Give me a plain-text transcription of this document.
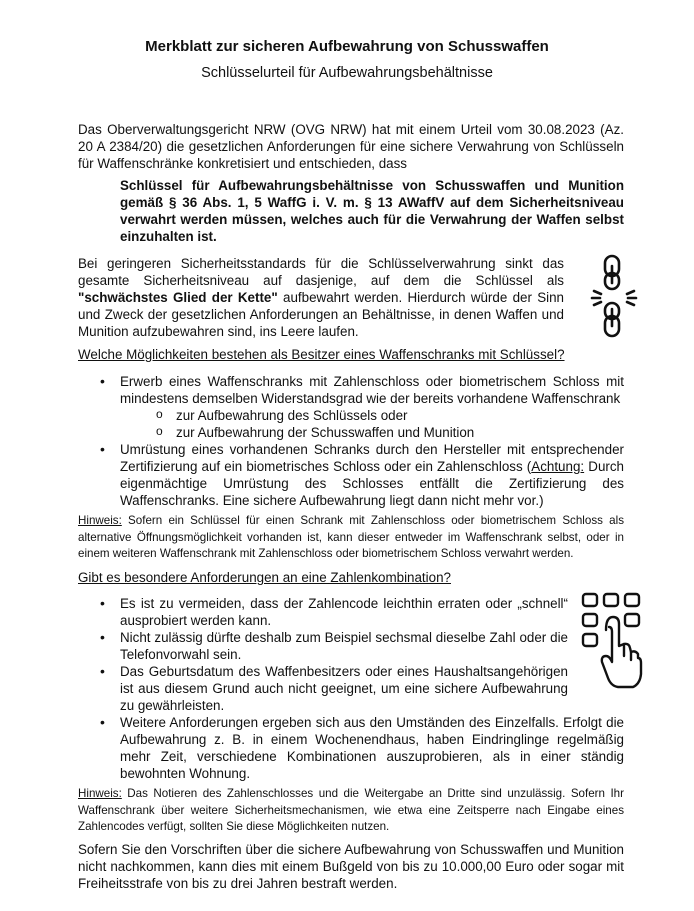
Merkblatt zur sicheren Aufbewahrung von Schusswaffen
Schlüsselurteil für Aufbewahrungsbehältnisse
Das Oberverwaltungsgericht NRW (OVG NRW) hat mit einem Urteil vom 30.08.2023 (Az. 20 A 2384/20) die gesetzlichen Anforderungen für eine sichere Verwahrung von Schlüsseln für Waffenschränke konkretisiert und entschieden, dass
Schlüssel für Aufbewahrungsbehältnisse von Schusswaffen und Munition gemäß § 36 Abs. 1, 5 WaffG i. V. m. § 13 AWaffV auf dem Sicherheitsniveau verwahrt werden müssen, welches auch für die Verwahrung der Waffen selbst einzuhalten ist.
Bei geringeren Sicherheitsstandards für die Schlüsselverwahrung sinkt das gesamte Sicherheitsniveau auf dasjenige, auf dem die Schlüssel als "schwächstes Glied der Kette" aufbewahrt werden. Hierdurch würde der Sinn und Zweck der gesetzlichen Anforderungen an Behältnisse, in denen Waffen und Munition aufzubewahren sind, ins Leere laufen.
Welche Möglichkeiten bestehen als Besitzer eines Waffenschranks mit Schlüssel?
• Erwerb eines Waffenschranks mit Zahlenschloss oder biometrischem Schloss mit mindestens demselben Widerstandsgrad wie der bereits vorhandene Waffenschrank
o zur Aufbewahrung des Schlüssels oder
o zur Aufbewahrung der Schusswaffen und Munition
• Umrüstung eines vorhandenen Schranks durch den Hersteller mit entsprechender Zertifizierung auf ein biometrisches Schloss oder ein Zahlenschloss (Achtung: Durch eigenmächtige Umrüstung des Schlosses entfällt die Zertifizierung des Waffenschranks. Eine sichere Aufbewahrung liegt dann nicht mehr vor.)
Hinweis: Sofern ein Schlüssel für einen Schrank mit Zahlenschloss oder biometrischem Schloss als alternative Öffnungsmöglichkeit vorhanden ist, kann dieser entweder im Waffenschrank selbst, oder in einem weiteren Waffenschrank mit Zahlenschloss oder biometrischem Schloss verwahrt werden.
Gibt es besondere Anforderungen an eine Zahlenkombination?
• Es ist zu vermeiden, dass der Zahlencode leichthin erraten oder „schnell“ ausprobiert werden kann.
• Nicht zulässig dürfte deshalb zum Beispiel sechsmal dieselbe Zahl oder die Telefonvorwahl sein.
• Das Geburtsdatum des Waffenbesitzers oder eines Haushaltsangehörigen ist aus diesem Grund auch nicht geeignet, um eine sichere Aufbewahrung zu gewährleisten.
• Weitere Anforderungen ergeben sich aus den Umständen des Einzelfalls. Erfolgt die Aufbewahrung z. B. in einem Wochenendhaus, haben Eindringlinge regelmäßig mehr Zeit, verschiedene Kombinationen auszuprobieren, als in einer ständig bewohnten Wohnung.
Hinweis: Das Notieren des Zahlenschlosses und die Weitergabe an Dritte sind unzulässig. Sofern Ihr Waffenschrank über weitere Sicherheitsmechanismen, wie etwa eine Zeitsperre nach Eingabe eines Zahlencodes verfügt, sollten Sie diese Möglichkeiten nutzen.
Sofern Sie den Vorschriften über die sichere Aufbewahrung von Schusswaffen und Munition nicht nachkommen, kann dies mit einem Bußgeld von bis zu 10.000,00 Euro oder sogar mit Freiheitsstrafe von bis zu drei Jahren bestraft werden.
